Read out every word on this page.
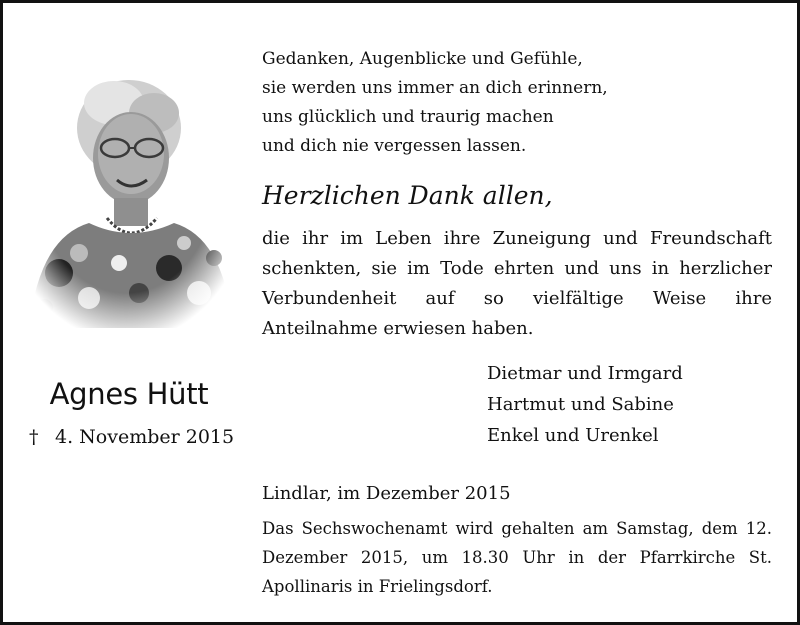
Agnes Hütt
† 4. November 2015
Gedanken, Augenblicke und Gefühle,
sie werden uns immer an dich erinnern,
uns glücklich und traurig machen
und dich nie vergessen lassen.
Herzlichen Dank allen,
die ihr im Leben ihre Zuneigung und Freundschaft schenkten, sie im Tode ehrten und uns in herzlicher Verbundenheit auf so vielfältige Weise ihre Anteilnahme erwiesen haben.
Dietmar und Irmgard
Hartmut und Sabine
Enkel und Urenkel
Lindlar, im Dezember 2015
Das Sechswochenamt wird gehalten am Samstag, dem 12. Dezember 2015, um 18.30 Uhr in der Pfarrkirche St. Apollinaris in Frielingsdorf.
